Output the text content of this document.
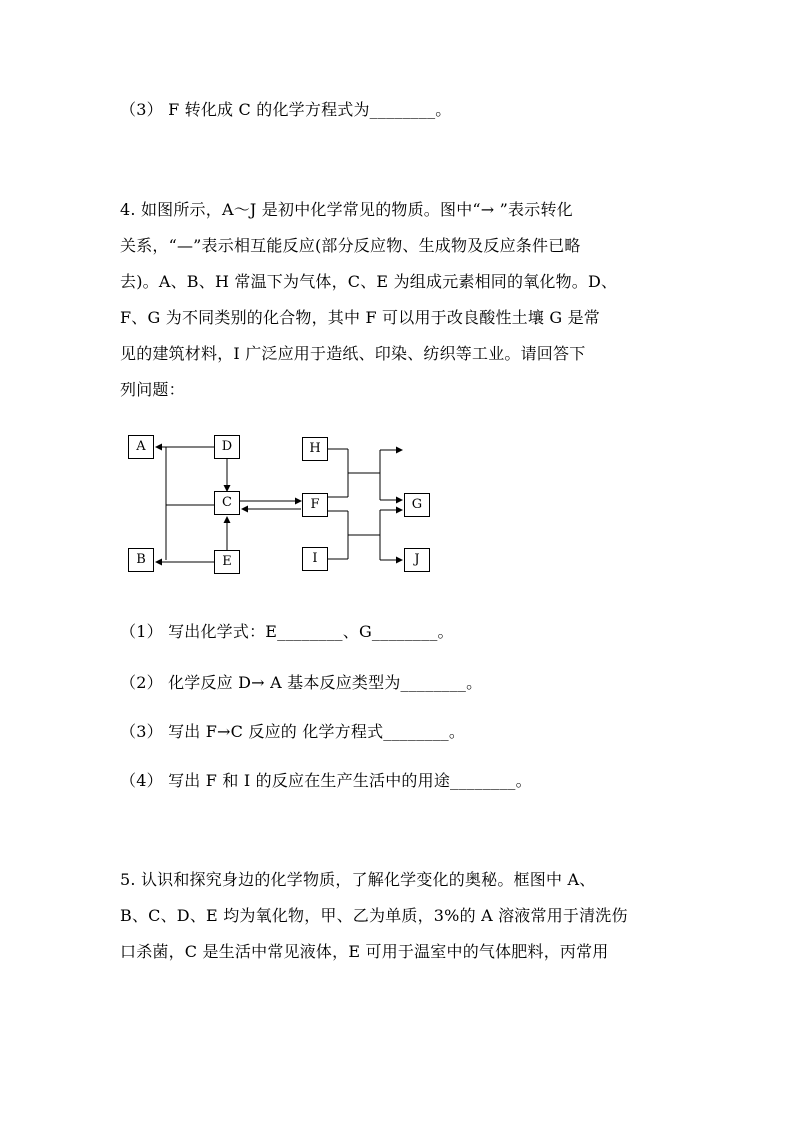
（3） F 转化成 C 的化学方程式为________。
4. 如图所示，A～J 是初中化学常见的物质。图中“→ ”表示转化
关系，“—”表示相互能反应(部分反应物、生成物及反应条件已略
去)。A、B、H 常温下为气体，C、E 为组成元素相同的氧化物。D、
F、G 为不同类别的化合物，其中 F 可以用于改良酸性土壤 G 是常
见的建筑材料，I 广泛应用于造纸、印染、纺织等工业。请回答下
列问题：
A
B
C
D
E
F	G
H
I	J
（1） 写出化学式：E________、G________。
（2） 化学反应 D→ A 基本反应类型为________。
（3） 写出 F→C 反应的 化学方程式________。
（4） 写出 F 和 I 的反应在生产生活中的用途________。
5. 认识和探究身边的化学物质，了解化学变化的奥秘。框图中 A、
B、C、D、E 均为氧化物，甲、乙为单质，3%的 A 溶液常用于清洗伤
口杀菌，C 是生活中常见液体，E 可用于温室中的气体肥料，丙常用
